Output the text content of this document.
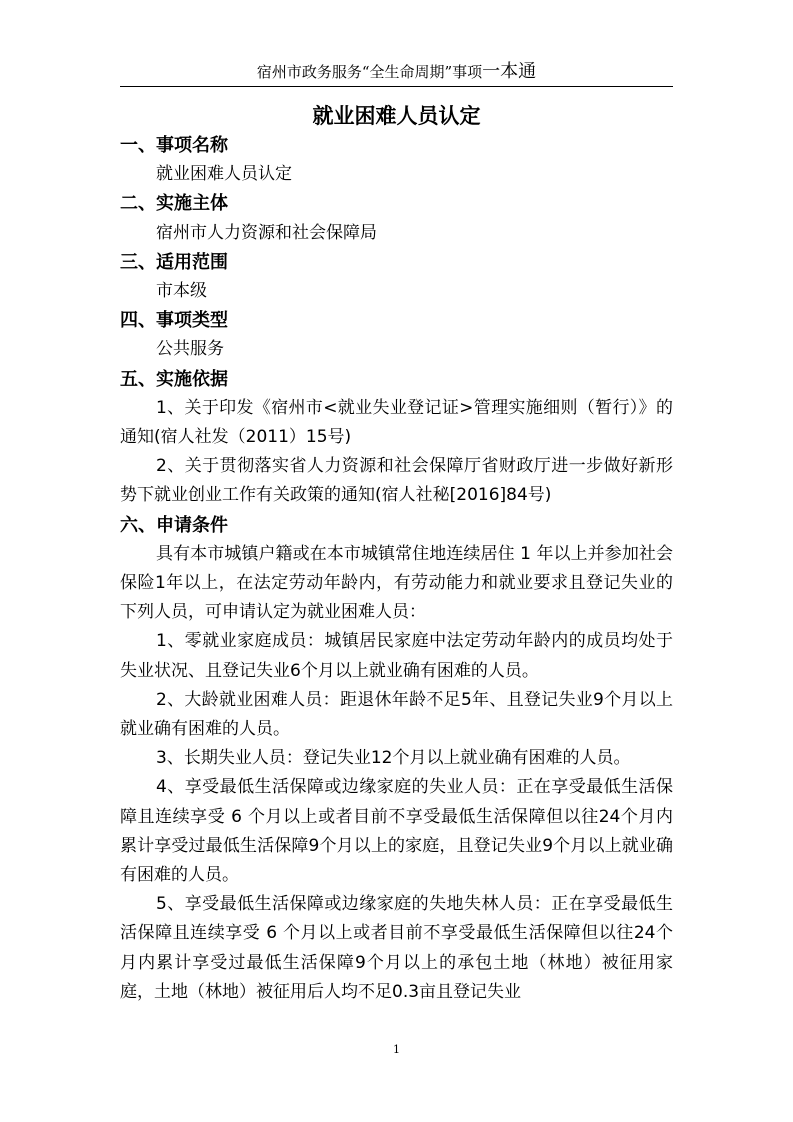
宿州市政务服务“全生命周期”事项一本通
就业困难人员认定

一、事项名称

就业困难人员认定

二、实施主体

宿州市人力资源和社会保障局

三、适用范围

市本级

四、事项类型

公共服务

五、实施依据

1、关于印发《宿州市<就业失业登记证>管理实施细则（暂行）》的通知(宿人社发（2011）15号)

2、关于贯彻落实省人力资源和社会保障厅省财政厅进一步做好新形势下就业创业工作有关政策的通知(宿人社秘[2016]84号)

六、申请条件

具有本市城镇户籍或在本市城镇常住地连续居住 1 年以上并参加社会保险1年以上，在法定劳动年龄内，有劳动能力和就业要求且登记失业的下列人员，可申请认定为就业困难人员：

1、零就业家庭成员：城镇居民家庭中法定劳动年龄内的成员均处于失业状况、且登记失业6个月以上就业确有困难的人员。

2、大龄就业困难人员：距退休年龄不足5年、且登记失业9个月以上就业确有困难的人员。

3、长期失业人员：登记失业12个月以上就业确有困难的人员。

4、享受最低生活保障或边缘家庭的失业人员：正在享受最低生活保障且连续享受 6 个月以上或者目前不享受最低生活保障但以往24个月内累计享受过最低生活保障9个月以上的家庭，且登记失业9个月以上就业确有困难的人员。

5、享受最低生活保障或边缘家庭的失地失林人员：正在享受最低生活保障且连续享受 6 个月以上或者目前不享受最低生活保障但以往24个月内累计享受过最低生活保障9个月以上的承包土地（林地）被征用家庭，土地（林地）被征用后人均不足0.3亩且登记失业

1
